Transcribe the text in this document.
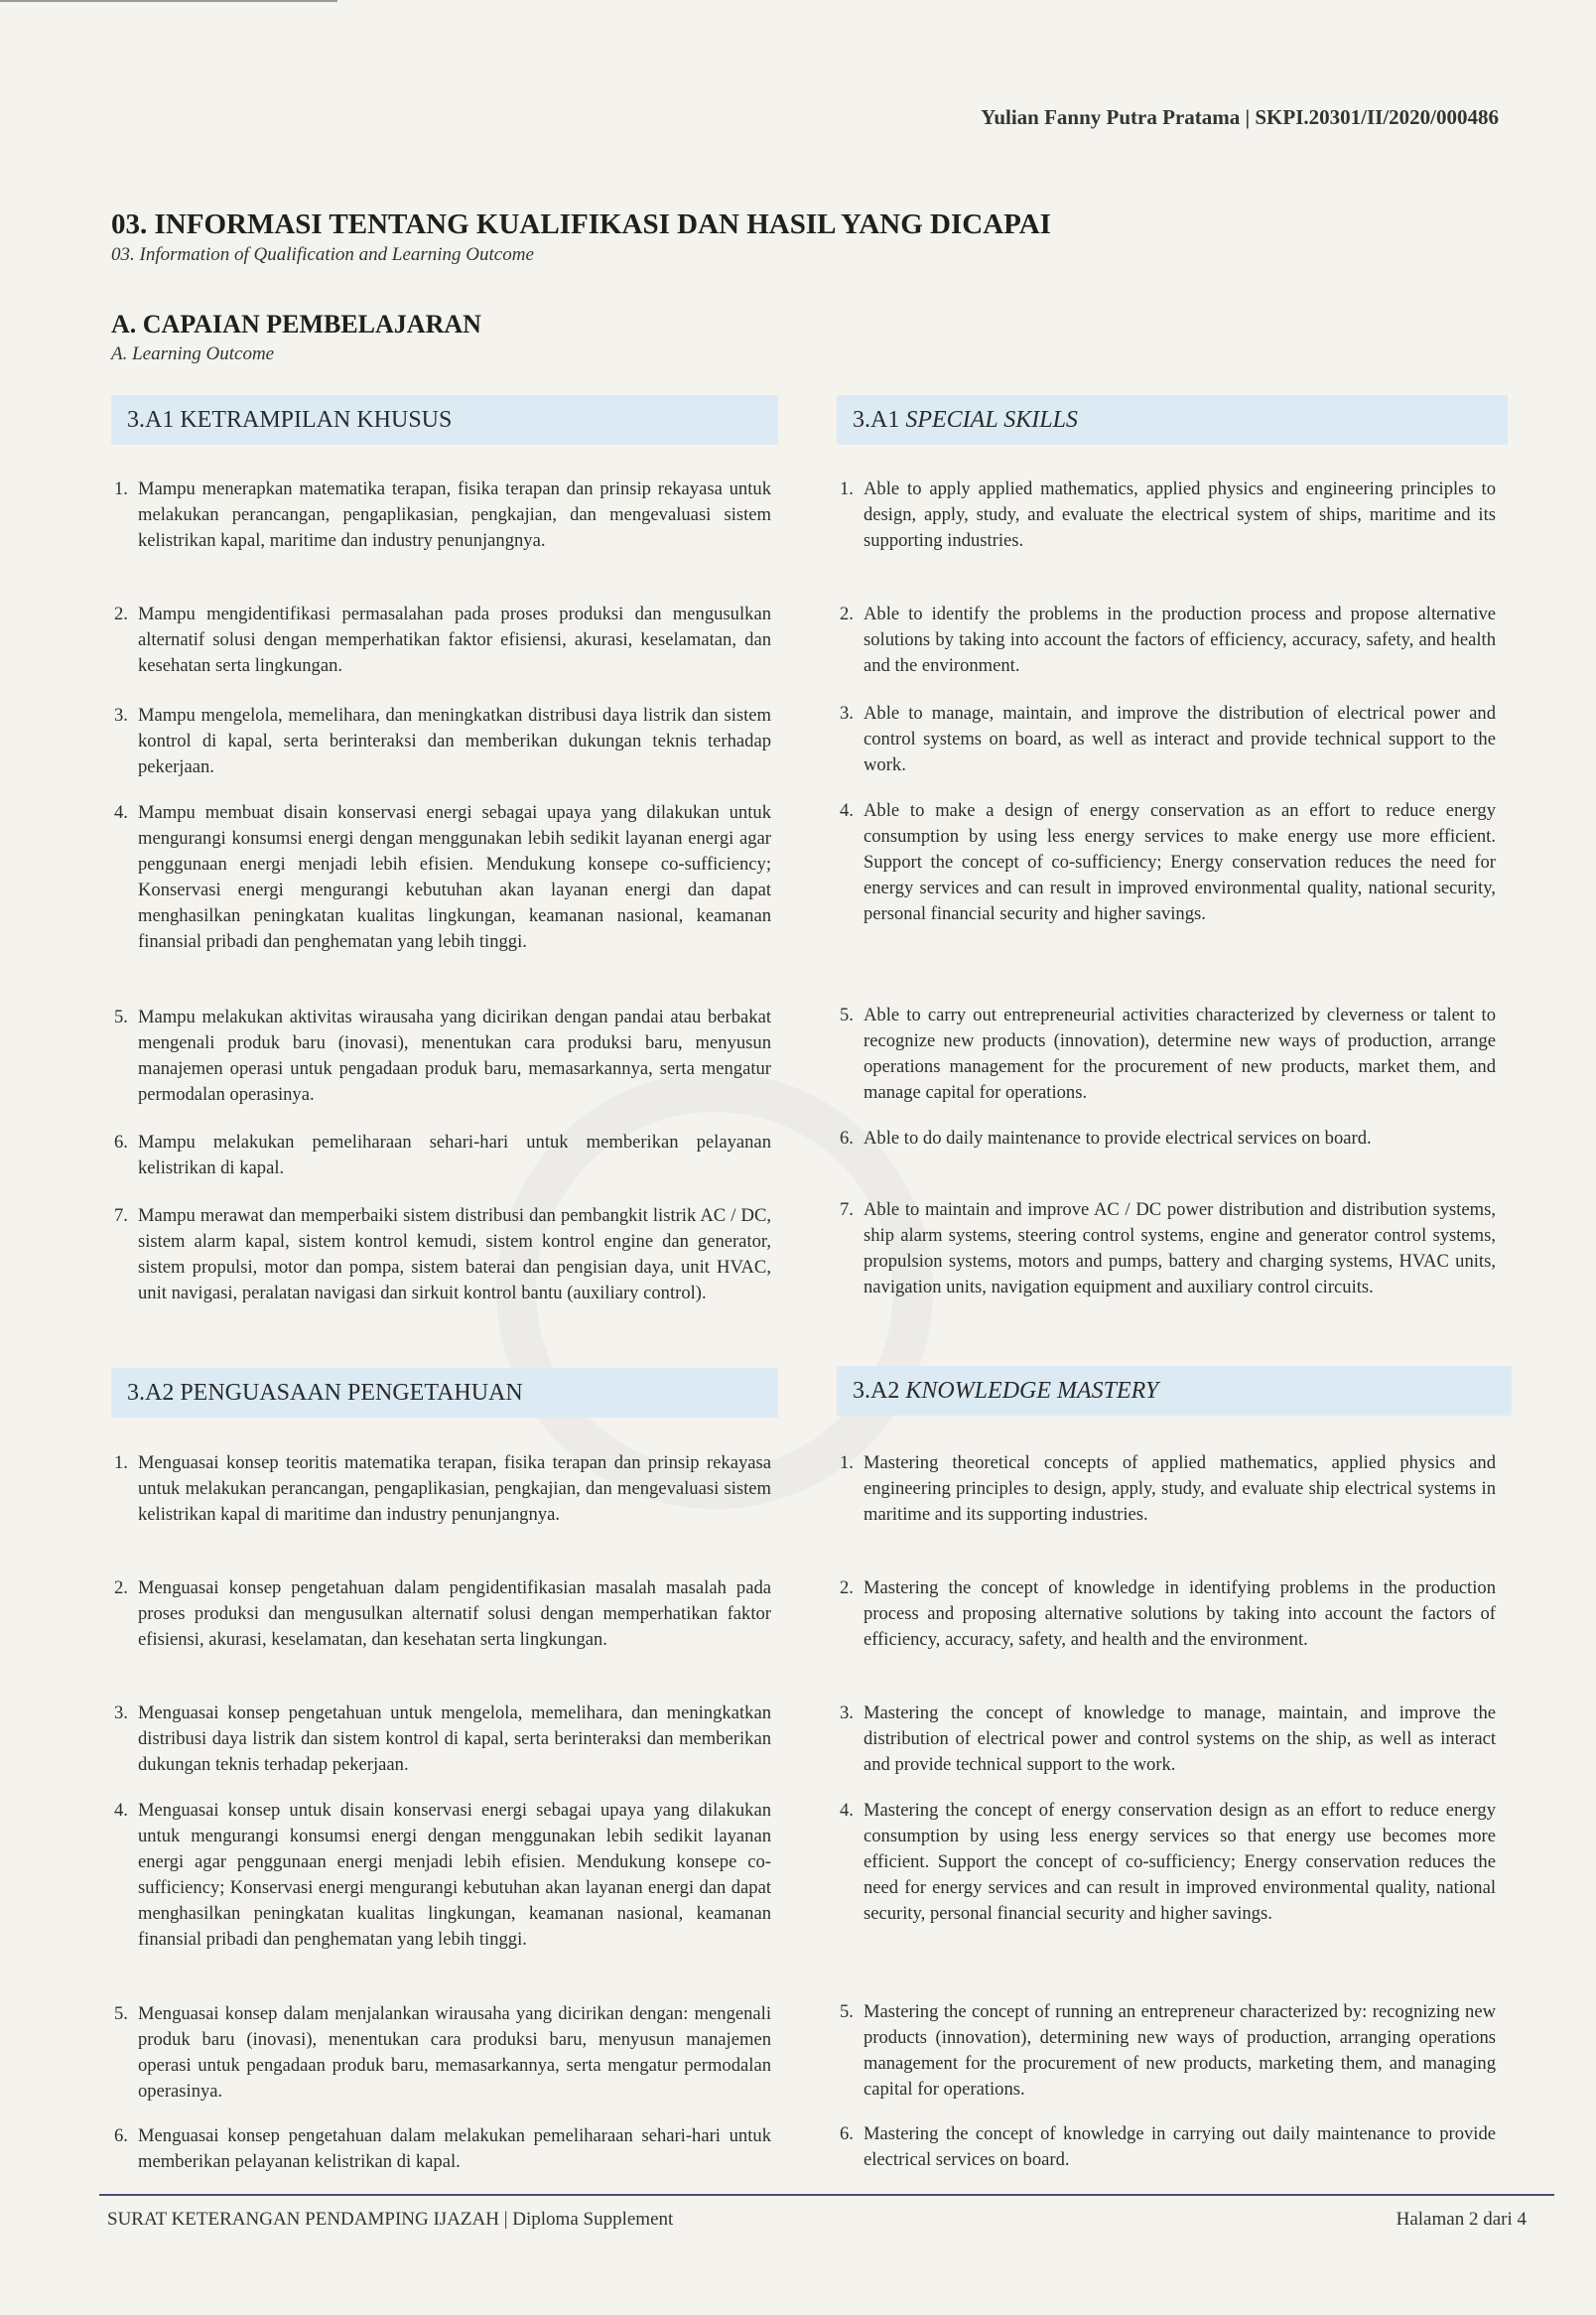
Yulian Fanny Putra Pratama | SKPI.20301/II/2020/000486
03. INFORMASI TENTANG KUALIFIKASI DAN HASIL YANG DICAPAI
03. Information of Qualification and Learning Outcome
A. CAPAIAN PEMBELAJARAN
A. Learning Outcome
3.A1 KETRAMPILAN KHUSUS	3.A1
SPECIAL SKILLS
1. Mampu menerapkan matematika terapan, fisika terapan dan prinsip rekayasa untuk melakukan perancangan, pengaplikasian, pengkajian, dan mengevaluasi sistem kelistrikan kapal, maritime dan industry penunjangnya.
2. Mampu mengidentifikasi permasalahan pada proses produksi dan mengusulkan alternatif solusi dengan memperhatikan faktor efisiensi, akurasi, keselamatan, dan kesehatan serta lingkungan.
3. Mampu mengelola, memelihara, dan meningkatkan distribusi daya listrik dan sistem kontrol di kapal, serta berinteraksi dan memberikan dukungan teknis terhadap pekerjaan.
4. Mampu membuat disain konservasi energi sebagai upaya yang dilakukan untuk mengurangi konsumsi energi dengan menggunakan lebih sedikit layanan energi agar penggunaan energi menjadi lebih efisien. Mendukung konsepe co-sufficiency; Konservasi energi mengurangi kebutuhan akan layanan energi dan dapat menghasilkan peningkatan kualitas lingkungan, keamanan nasional, keamanan finansial pribadi dan penghematan yang lebih tinggi.
5. Mampu melakukan aktivitas wirausaha yang dicirikan dengan pandai atau berbakat mengenali produk baru (inovasi), menentukan cara produksi baru, menyusun manajemen operasi untuk pengadaan produk baru, memasarkannya, serta mengatur permodalan operasinya.
6. Mampu melakukan pemeliharaan sehari-hari untuk memberikan pelayanan kelistrikan di kapal.
7. Mampu merawat dan memperbaiki sistem distribusi dan pembangkit listrik AC / DC, sistem alarm kapal, sistem kontrol kemudi, sistem kontrol engine dan generator, sistem propulsi, motor dan pompa, sistem baterai dan pengisian daya, unit HVAC, unit navigasi, peralatan navigasi dan sirkuit kontrol bantu (auxiliary control).
1. Able to apply applied mathematics, applied physics and engineering principles to design, apply, study, and evaluate the electrical system of ships, maritime and its supporting industries.
2. Able to identify the problems in the production process and propose alternative solutions by taking into account the factors of efficiency, accuracy, safety, and health and the environment.
3. Able to manage, maintain, and improve the distribution of electrical power and control systems on board, as well as interact and provide technical support to the work.
4. Able to make a design of energy conservation as an effort to reduce energy consumption by using less energy services to make energy use more efficient. Support the concept of co-sufficiency; Energy conservation reduces the need for energy services and can result in improved environmental quality, national security, personal financial security and higher savings.
5. Able to carry out entrepreneurial activities characterized by cleverness or talent to recognize new products (innovation), determine new ways of production, arrange operations management for the procurement of new products, market them, and manage capital for operations.
6. Able to do daily maintenance to provide electrical services on board.
7. Able to maintain and improve AC / DC power distribution and distribution systems, ship alarm systems, steering control systems, engine and generator control systems, propulsion systems, motors and pumps, battery and charging systems, HVAC units, navigation units, navigation equipment and auxiliary control circuits.
3.A2 PENGUASAAN PENGETAHUAN	3.A2
KNOWLEDGE MASTERY
1. Menguasai konsep teoritis matematika terapan, fisika terapan dan prinsip rekayasa untuk melakukan perancangan, pengaplikasian, pengkajian, dan mengevaluasi sistem kelistrikan kapal di maritime dan industry penunjangnya.
2. Menguasai konsep pengetahuan dalam pengidentifikasian masalah masalah pada proses produksi dan mengusulkan alternatif solusi dengan memperhatikan faktor efisiensi, akurasi, keselamatan, dan kesehatan serta lingkungan.
3. Menguasai konsep pengetahuan untuk mengelola, memelihara, dan meningkatkan distribusi daya listrik dan sistem kontrol di kapal, serta berinteraksi dan memberikan dukungan teknis terhadap pekerjaan.
4. Menguasai konsep untuk disain konservasi energi sebagai upaya yang dilakukan untuk mengurangi konsumsi energi dengan menggunakan lebih sedikit layanan energi agar penggunaan energi menjadi lebih efisien. Mendukung konsepe co-sufficiency; Konservasi energi mengurangi kebutuhan akan layanan energi dan dapat menghasilkan peningkatan kualitas lingkungan, keamanan nasional, keamanan finansial pribadi dan penghematan yang lebih tinggi.
5. Menguasai konsep dalam menjalankan wirausaha yang dicirikan dengan: mengenali produk baru (inovasi), menentukan cara produksi baru, menyusun manajemen operasi untuk pengadaan produk baru, memasarkannya, serta mengatur permodalan operasinya.
6. Menguasai konsep pengetahuan dalam melakukan pemeliharaan sehari-hari untuk memberikan pelayanan kelistrikan di kapal.
1. Mastering theoretical concepts of applied mathematics, applied physics and engineering principles to design, apply, study, and evaluate ship electrical systems in maritime and its supporting industries.
2. Mastering the concept of knowledge in identifying problems in the production process and proposing alternative solutions by taking into account the factors of efficiency, accuracy, safety, and health and the environment.
3. Mastering the concept of knowledge to manage, maintain, and improve the distribution of electrical power and control systems on the ship, as well as interact and provide technical support to the work.
4. Mastering the concept of energy conservation design as an effort to reduce energy consumption by using less energy services so that energy use becomes more efficient. Support the concept of co-sufficiency; Energy conservation reduces the need for energy services and can result in improved environmental quality, national security, personal financial security and higher savings.
5. Mastering the concept of running an entrepreneur characterized by: recognizing new products (innovation), determining new ways of production, arranging operations management for the procurement of new products, marketing them, and managing capital for operations.
6. Mastering the concept of knowledge in carrying out daily maintenance to provide electrical services on board.
SURAT KETERANGAN PENDAMPING IJAZAH | Diploma Supplement	Halaman 2 dari 4
